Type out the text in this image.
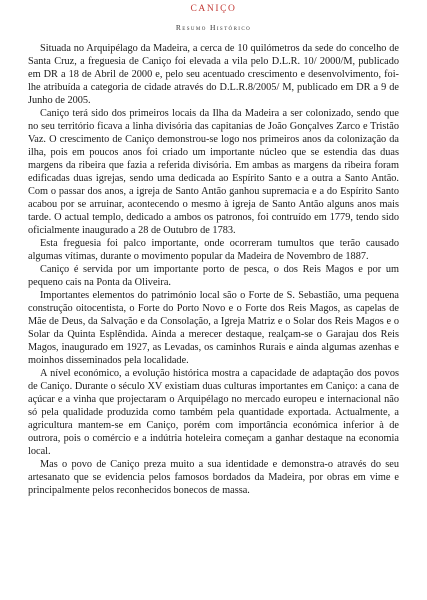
CANIÇO
Resumo Histórico

Situada no Arquipélago da Madeira, a cerca de 10 quilómetros da sede do concelho de Santa Cruz, a freguesia de Caniço foi elevada a vila pelo D.L.R. 10/ 2000/M, publicado em DR a 18 de Abril de 2000 e, pelo seu acentuado crescimento e desenvolvimento, foi-lhe atribuída a categoria de cidade através do D.L.R.8/2005/ M, publicado em DR a 9 de Junho de 2005.

Caniço terá sido dos primeiros locais da Ilha da Madeira a ser colonizado, sendo que no seu território ficava a linha divisória das capitanias de João Gonçalves Zarco e Tristão Vaz. O crescimento de Caniço demonstrou-se logo nos primeiros anos da colonização da ilha, pois em poucos anos foi criado um importante núcleo que se estendia das duas margens da ribeira que fazia a referida divisória. Em ambas as margens da ribeira foram edificadas duas igrejas, sendo uma dedicada ao Espírito Santo e a outra a Santo Antão. Com o passar dos anos, a igreja de Santo Antão ganhou supremacia e a do Espírito Santo acabou por se arruinar, acontecendo o mesmo à igreja de Santo Antão alguns anos mais tarde. O actual templo, dedicado a ambos os patronos, foi contruído em 1779, tendo sido oficialmente inaugurado a 28 de Outubro de 1783.

Esta freguesia foi palco importante, onde ocorreram tumultos que terão causado algumas vítimas, durante o movimento popular da Madeira de Novembro de 1887.

Caniço é servida por um importante porto de pesca, o dos Reis Magos e por um pequeno cais na Ponta da Oliveira.

Importantes elementos do património local são o Forte de S. Sebastião, uma pequena construção oitocentista, o Forte do Porto Novo e o Forte dos Reis Magos, as capelas de Mãe de Deus, da Salvação e da Consolação, a Igreja Matriz e o Solar dos Reis Magos e o Solar da Quinta Esplêndida. Ainda a merecer destaque, realçam-se o Garajau dos Reis Magos, inaugurado em 1927, as Levadas, os caminhos Rurais e ainda algumas azenhas e moinhos disseminados pela localidade.

A nível económico, a evolução histórica mostra a capacidade de adaptação dos povos de Caniço. Durante o século XV existiam duas culturas importantes em Caniço: a cana de açúcar e a vinha que projectaram o Arquipélago no mercado europeu e internacional não só pela qualidade produzida como também pela quantidade exportada. Actualmente, a agricultura mantem-se em Caniço, porém com importância económica inferior à de outrora, pois o comércio e a indútria hoteleira começam a ganhar destaque na economia local.

Mas o povo de Caniço preza muito a sua identidade e demonstra-o através do seu artesanato que se evidencia pelos famosos bordados da Madeira, por obras em vime e principalmente pelos reconhecidos bonecos de massa.
